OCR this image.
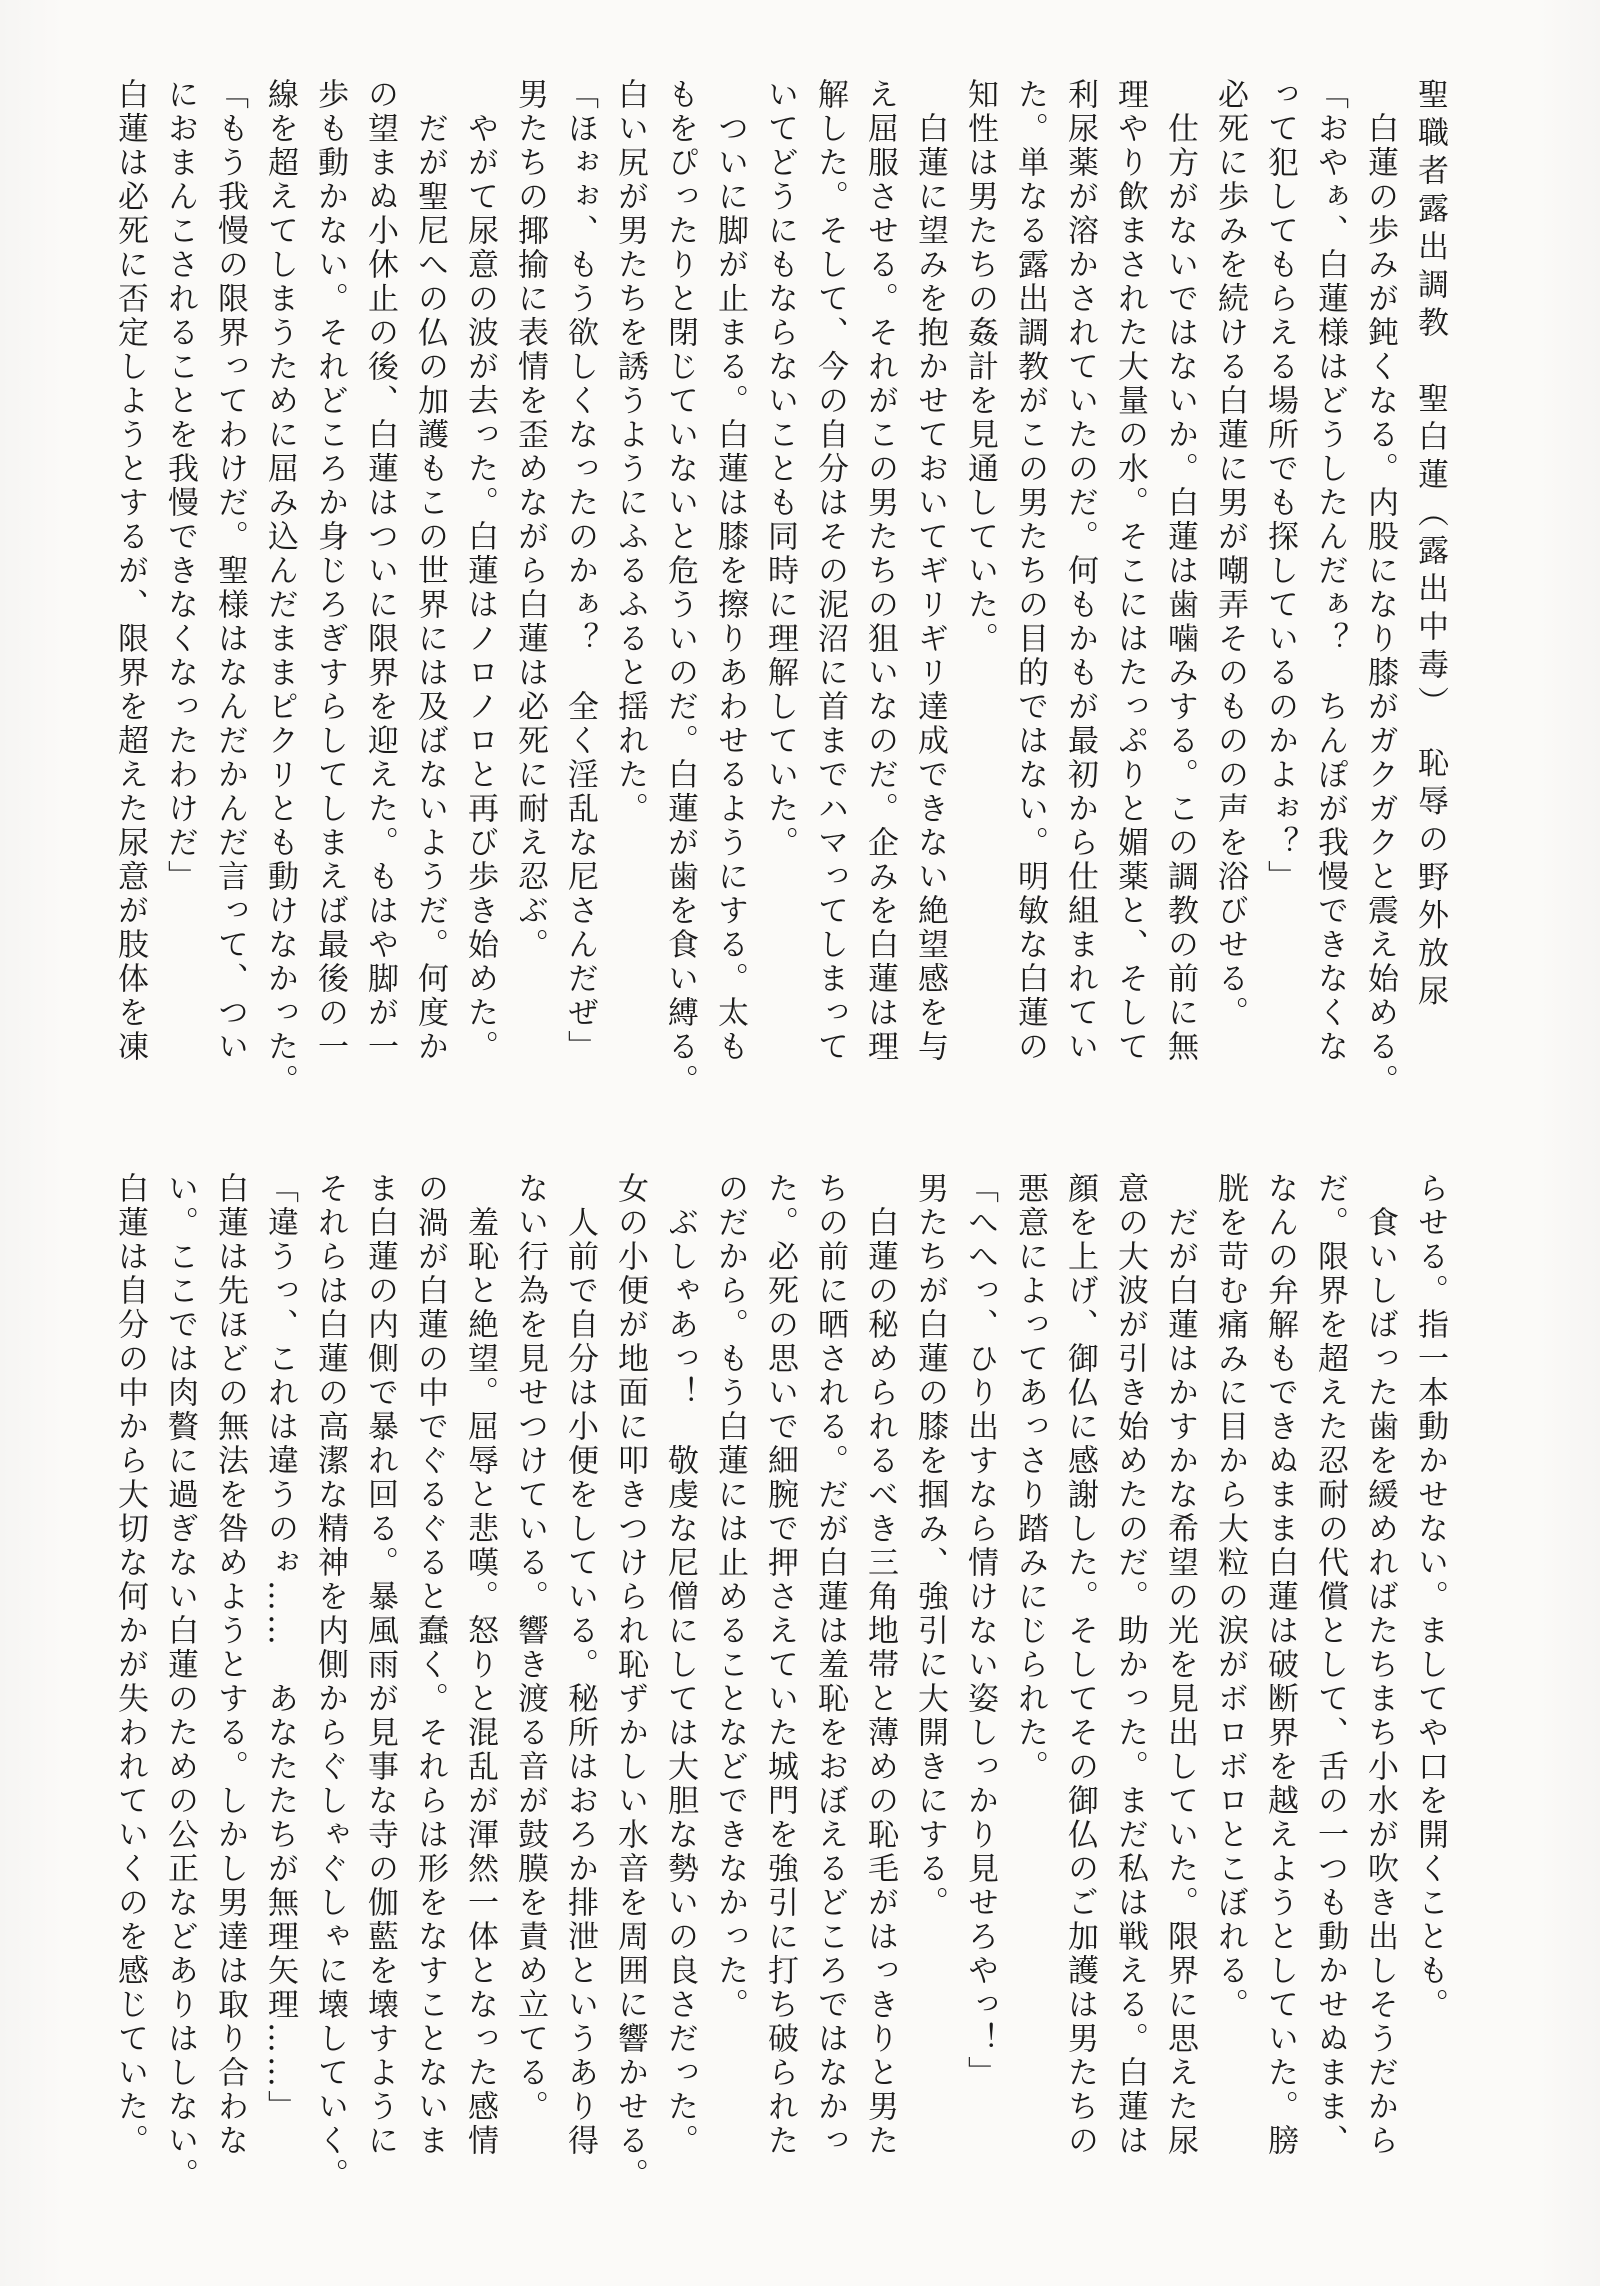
聖職者露出調教　聖白蓮（露出中毒）　恥辱の野外放尿
白蓮の歩みが鈍くなる。内股になり膝がガクガクと震え始める。
「おやぁ、白蓮様はどうしたんだぁ？　ちんぽが我慢できなくな
って犯してもらえる場所でも探しているのかよぉ？」
必死に歩みを続ける白蓮に男が嘲弄そのものの声を浴びせる。
仕方がないではないか。白蓮は歯噛みする。この調教の前に無
理やり飲まされた大量の水。そこにはたっぷりと媚薬と、そして
利尿薬が溶かされていたのだ。何もかもが最初から仕組まれてい
た。単なる露出調教がこの男たちの目的ではない。明敏な白蓮の
知性は男たちの姦計を見通していた。
白蓮に望みを抱かせておいてギリギリ達成できない絶望感を与
え屈服させる。それがこの男たちの狙いなのだ。企みを白蓮は理
解した。そして、今の自分はその泥沼に首までハマってしまって
いてどうにもならないことも同時に理解していた。
ついに脚が止まる。白蓮は膝を擦りあわせるようにする。太も
もをぴったりと閉じていないと危ういのだ。白蓮が歯を食い縛る。
白い尻が男たちを誘うようにふるふると揺れた。
「ほぉぉ、もう欲しくなったのかぁ？　全く淫乱な尼さんだぜ」
男たちの揶揄に表情を歪めながら白蓮は必死に耐え忍ぶ。
やがて尿意の波が去った。白蓮はノロノロと再び歩き始めた。
だが聖尼への仏の加護もこの世界には及ばないようだ。何度か
の望まぬ小休止の後、白蓮はついに限界を迎えた。もはや脚が一
歩も動かない。それどころか身じろぎすらしてしまえば最後の一
線を超えてしまうために屈み込んだままピクリとも動けなかった。
「もう我慢の限界ってわけだ。聖様はなんだかんだ言って、つい
におまんこされることを我慢できなくなったわけだ」
白蓮は必死に否定しようとするが、限界を超えた尿意が肢体を凍
らせる。指一本動かせない。ましてや口を開くことも。
食いしばった歯を緩めればたちまち小水が吹き出しそうだから
だ。限界を超えた忍耐の代償として、舌の一つも動かせぬまま、
なんの弁解もできぬまま白蓮は破断界を越えようとしていた。膀
胱を苛む痛みに目から大粒の涙がボロボロとこぼれる。
だが白蓮はかすかな希望の光を見出していた。限界に思えた尿
意の大波が引き始めたのだ。助かった。まだ私は戦える。白蓮は
顔を上げ、御仏に感謝した。そしてその御仏のご加護は男たちの
悪意によってあっさり踏みにじられた。
「へへっ、ひり出すなら情けない姿しっかり見せろやっ！」
男たちが白蓮の膝を掴み、強引に大開きにする。
白蓮の秘められるべき三角地帯と薄めの恥毛がはっきりと男た
ちの前に晒される。だが白蓮は羞恥をおぼえるどころではなかっ
た。必死の思いで細腕で押さえていた城門を強引に打ち破られた
のだから。もう白蓮には止めることなどできなかった。
ぶしゃあっ！　敬虔な尼僧にしては大胆な勢いの良さだった。
女の小便が地面に叩きつけられ恥ずかしい水音を周囲に響かせる。
人前で自分は小便をしている。秘所はおろか排泄というあり得
ない行為を見せつけている。響き渡る音が鼓膜を責め立てる。
羞恥と絶望。屈辱と悲嘆。怒りと混乱が渾然一体となった感情
の渦が白蓮の中でぐるぐると蠢く。それらは形をなすことないま
ま白蓮の内側で暴れ回る。暴風雨が見事な寺の伽藍を壊すように
それらは白蓮の高潔な精神を内側からぐしゃぐしゃに壊していく。
「違うっ、これは違うのぉ……　あなたたちが無理矢理……」
白蓮は先ほどの無法を咎めようとする。しかし男達は取り合わな
い。ここでは肉贅に過ぎない白蓮のための公正などありはしない。
白蓮は自分の中から大切な何かが失われていくのを感じていた。
